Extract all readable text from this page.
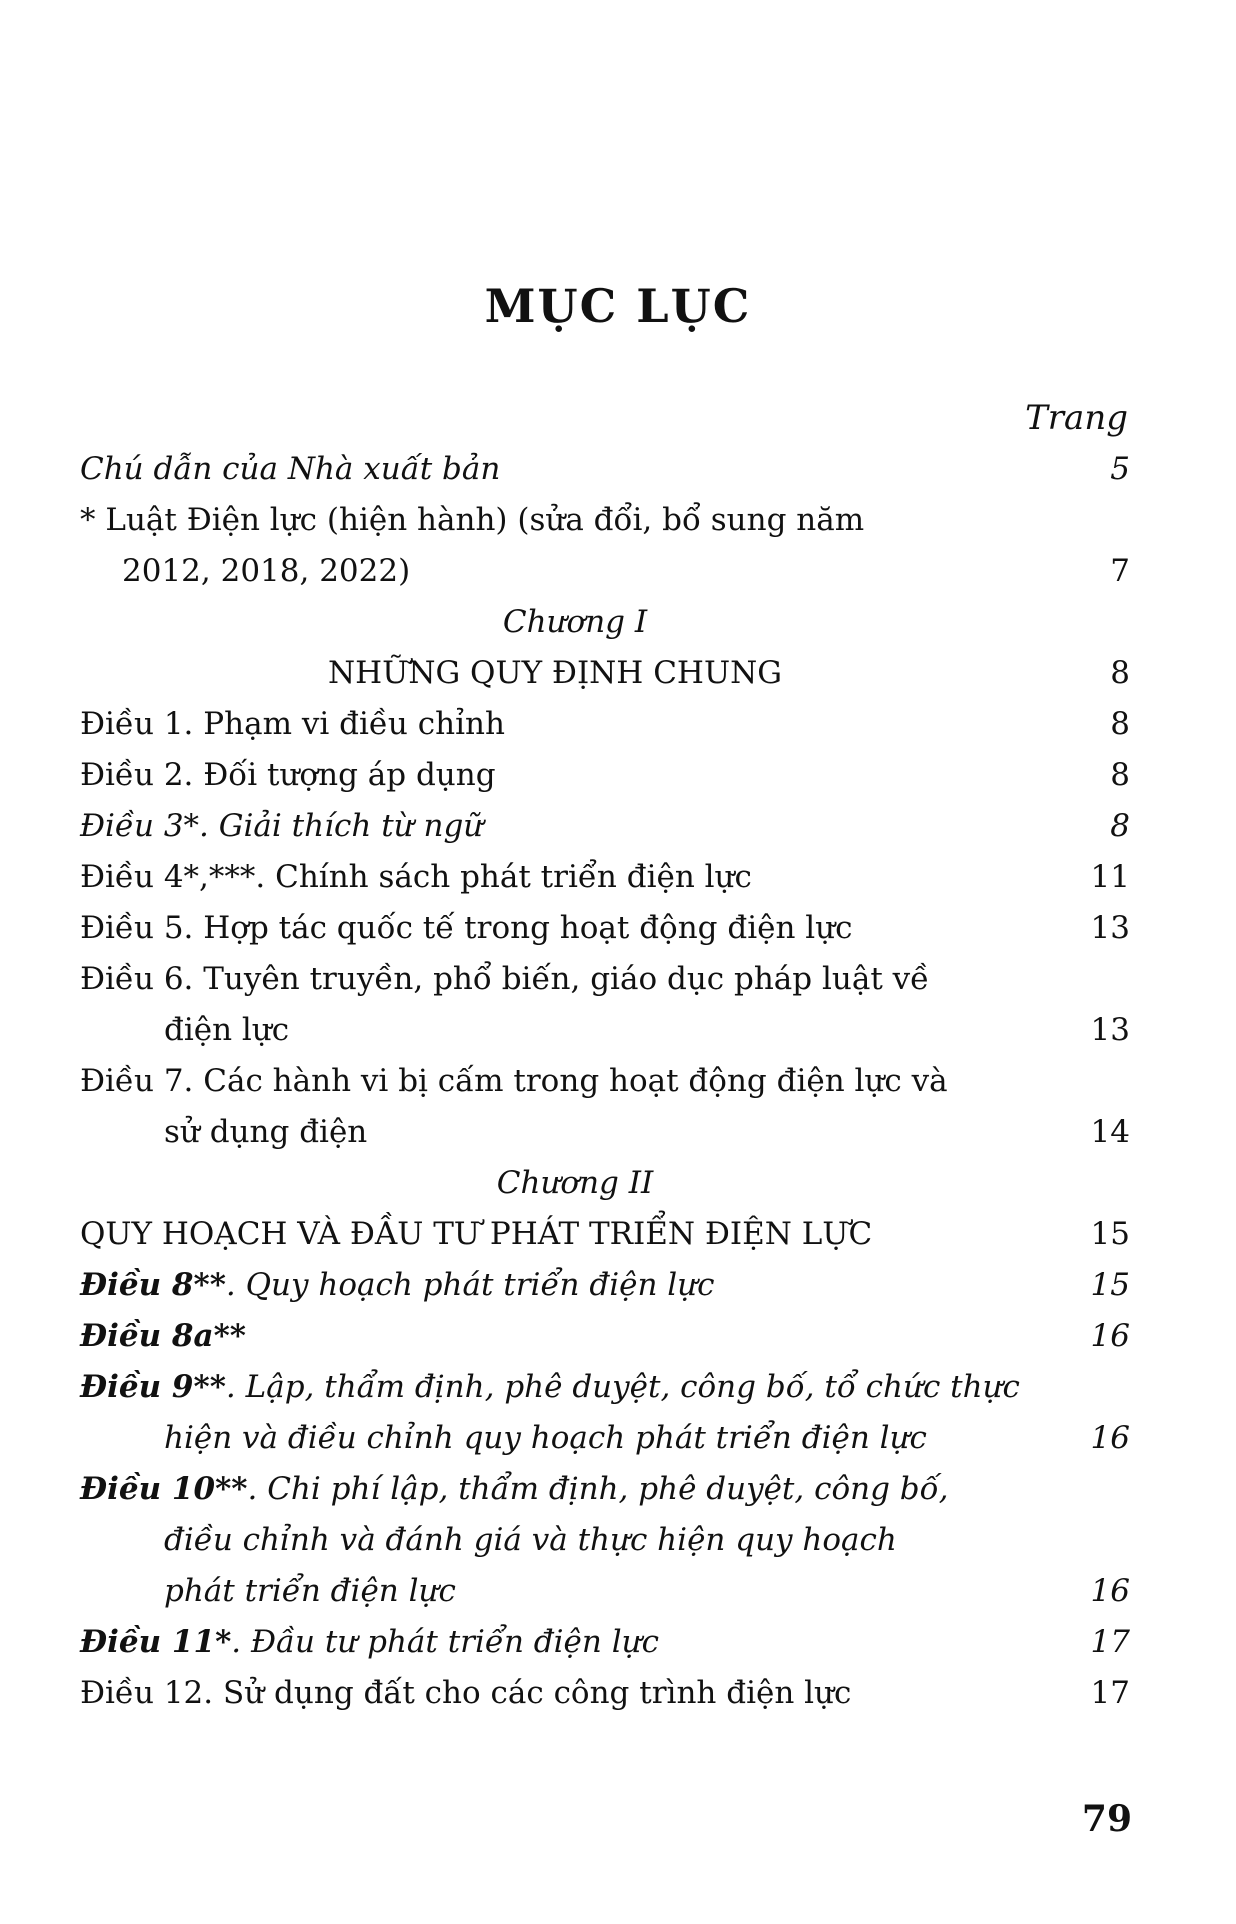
MỤC LỤC
Trang
Chú dẫn của Nhà xuất bản	5
* Luật Điện lực (hiện hành) (sửa đổi, bổ sung năm
2012, 2018, 2022)	7
Chương I
NHỮNG QUY ĐỊNH CHUNG	8
Điều 1. Phạm vi điều chỉnh	8
Điều 2. Đối tượng áp dụng	8
Điều 3*. Giải thích từ ngữ	8
Điều 4*,***. Chính sách phát triển điện lực	11
Điều 5. Hợp tác quốc tế trong hoạt động điện lực	13
Điều 6. Tuyên truyền, phổ biến, giáo dục pháp luật về
điện lực	13
Điều 7. Các hành vi bị cấm trong hoạt động điện lực và
sử dụng điện	14
Chương II
QUY HOẠCH VÀ ĐẦU TƯ PHÁT TRIỂN ĐIỆN LỰC	15
Điều 8**. Quy hoạch phát triển điện lực	15
Điều 8a**	16
Điều 9**. Lập, thẩm định, phê duyệt, công bố, tổ chức thực
hiện và điều chỉnh quy hoạch phát triển điện lực	16
Điều 10**. Chi phí lập, thẩm định, phê duyệt, công bố,
điều chỉnh và đánh giá và thực hiện quy hoạch
phát triển điện lực	16
Điều 11*. Đầu tư phát triển điện lực	17
Điều 12. Sử dụng đất cho các công trình điện lực	17
79
